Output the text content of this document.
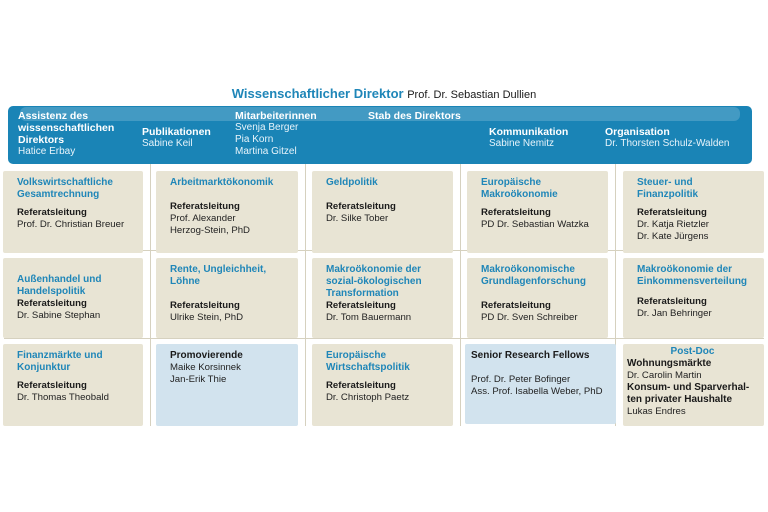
Wissenschaftlicher Direktor Prof. Dr. Sebastian Dullien
Assistenz des wissenschaftlichen Direktors
Hatice Erbay
Publikationen
Sabine Keil
Mitarbeiterinnen
Svenja Berger
Pia Korn
Martina Gitzel
Stab des Direktors
Kommunikation
Sabine Nemitz
Organisation
Dr. Thorsten Schulz-Walden
Volkswirtschaftliche Gesamtrechnung
Referatsleitung
Prof. Dr. Christian Breuer
Arbeitmarktökonomik
Referatsleitung
Prof. Alexander
Herzog-Stein, PhD
Geldpolitik
Referatsleitung
Dr. Silke Tober
Europäische Makroökonomie
Referatsleitung
PD Dr. Sebastian Watzka
Steuer- und Finanzpolitik
Referatsleitung
Dr. Katja Rietzler
Dr. Kate Jürgens
Außenhandel und Handelspolitik
Referatsleitung
Dr. Sabine Stephan
Rente, Ungleichheit, Löhne
Referatsleitung
Ulrike Stein, PhD
Makroökonomie der sozial-ökologischen Transformation
Referatsleitung
Dr. Tom Bauermann
Makroökonomische Grundlagenforschung
Referatsleitung
PD Dr. Sven Schreiber
Makroökonomie der Einkommensverteilung
Referatsleitung
Dr. Jan Behringer
Finanzmärkte und Konjunktur
Referatsleitung
Dr. Thomas Theobald
Promovierende
Maike Korsinnek
Jan-Erik Thie
Europäische Wirtschaftspolitik
Referatsleitung
Dr. Christoph Paetz
Senior Research Fellows
Prof. Dr. Peter Bofinger
Ass. Prof. Isabella Weber, PhD
Post-Doc
Wohnungsmärkte
Dr. Carolin Martin
Konsum- und Sparverhal-ten privater Haushalte
Lukas Endres
